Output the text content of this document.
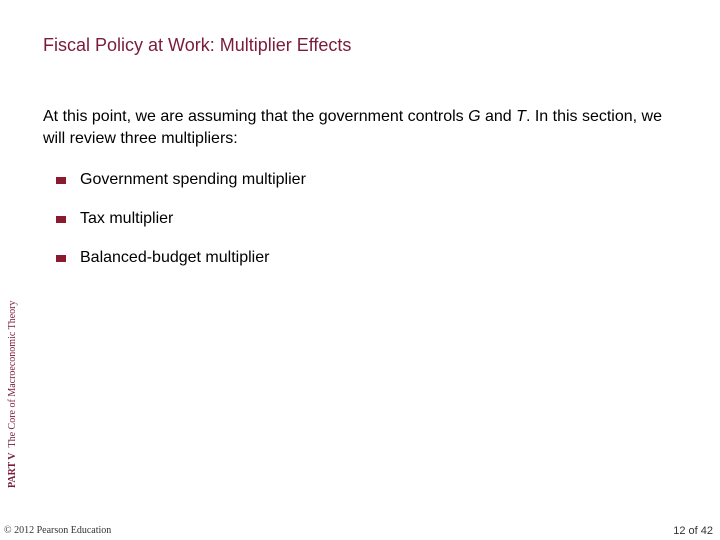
Fiscal Policy at Work: Multiplier Effects
At this point, we are assuming that the government controls G and T. In this section, we will review three multipliers:
Government spending multiplier
Tax multiplier
Balanced-budget multiplier
PART VThe Core of Macroeconomic Theory
© 2012 Pearson Education	12 of 42
